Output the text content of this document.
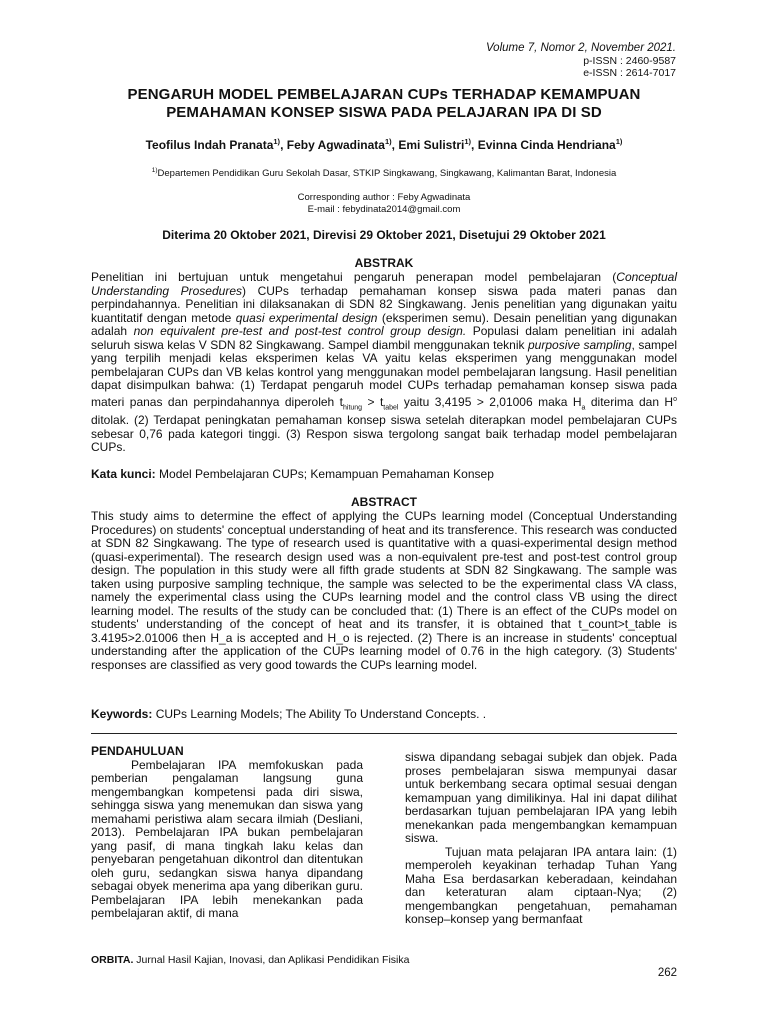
Volume 7, Nomor 2, November 2021.
p-ISSN : 2460-9587
e-ISSN : 2614-7017
PENGARUH MODEL PEMBELAJARAN CUPs TERHADAP KEMAMPUAN
PEMAHAMAN KONSEP SISWA PADA PELAJARAN IPA DI SD
Teofilus Indah Pranata$^{1)}$, Feby Agwadinata$^{1)}$, Emi Sulistri$^{1)}$, Evinna Cinda Hendriana$^{1)}$
$^{1)}$Departemen Pendidikan Guru Sekolah Dasar, STKIP Singkawang, Singkawang, Kalimantan Barat, Indonesia
Corresponding author : Feby Agwadinata
E-mail : febydinata2014@gmail.com
Diterima 20 Oktober 2021, Direvisi 29 Oktober 2021, Disetujui 29 Oktober 2021
ABSTRAK
Penelitian ini bertujuan untuk mengetahui pengaruh penerapan model pembelajaran (Conceptual Understanding Prosedures) CUPs terhadap pemahaman konsep siswa pada materi panas dan perpindahannya. Penelitian ini dilaksanakan di SDN 82 Singkawang. Jenis penelitian yang digunakan yaitu kuantitatif dengan metode quasi experimental design (eksperimen semu). Desain penelitian yang digunakan adalah non equivalent pre-test and post-test control group design. Populasi dalam penelitian ini adalah seluruh siswa kelas V SDN 82 Singkawang. Sampel diambil menggunakan teknik purposive sampling, sampel yang terpilih menjadi kelas eksperimen kelas VA yaitu kelas eksperimen yang menggunakan model pembelajaran CUPs dan VB kelas kontrol yang menggunakan model pembelajaran langsung. Hasil penelitian dapat disimpulkan bahwa: (1) Terdapat pengaruh model CUPs terhadap pemahaman konsep siswa pada materi panas dan perpindahannya diperoleh $t_{hitung} > t_{tabel}$ yaitu 3,4195 > 2,01006 maka $H_a$ diterima dan $H^o$ ditolak. (2) Terdapat peningkatan pemahaman konsep siswa setelah diterapkan model pembelajaran CUPs sebesar 0,76 pada kategori tinggi. (3) Respon siswa tergolong sangat baik terhadap model pembelajaran CUPs.
Kata kunci: Model Pembelajaran CUPs; Kemampuan Pemahaman Konsep
ABSTRACT
This study aims to determine the effect of applying the CUPs learning model (Conceptual Understanding Procedures) on students' conceptual understanding of heat and its transference. This research was conducted at SDN 82 Singkawang. The type of research used is quantitative with a quasi-experimental design method (quasi-experimental). The research design used was a non-equivalent pre-test and post-test control group design. The population in this study were all fifth grade students at SDN 82 Singkawang. The sample was taken using purposive sampling technique, the sample was selected to be the experimental class VA class, namely the experimental class using the CUPs learning model and the control class VB using the direct learning model. The results of the study can be concluded that: (1) There is an effect of the CUPs model on students' understanding of the concept of heat and its transfer, it is obtained that t_count>t_table is 3.4195>2.01006 then H_a is accepted and H_o is rejected. (2) There is an increase in students' conceptual understanding after the application of the CUPs learning model of 0.76 in the high category. (3) Students' responses are classified as very good towards the CUPs learning model.
Keywords: CUPs Learning Models; The Ability To Understand Concepts. .

PENDAHULUAN

Pembelajaran IPA memfokuskan pada pemberian pengalaman langsung guna mengembangkan kompetensi pada diri siswa, sehingga siswa yang menemukan dan siswa yang memahami peristiwa alam secara ilmiah (Desliani, 2013). Pembelajaran IPA bukan pembelajaran yang pasif, di mana tingkah laku kelas dan penyebaran pengetahuan dikontrol dan ditentukan oleh guru, sedangkan siswa hanya dipandang sebagai obyek menerima apa yang diberikan guru. Pembelajaran IPA lebih menekankan pada pembelajaran aktif, di mana

siswa dipandang sebagai subjek dan objek. Pada proses pembelajaran siswa mempunyai dasar untuk berkembang secara optimal sesuai dengan kemampuan yang dimilikinya. Hal ini dapat dilihat berdasarkan tujuan pembelajaran IPA yang lebih menekankan pada mengembangkan kemampuan siswa.

Tujuan mata pelajaran IPA antara lain: (1) memperoleh keyakinan terhadap Tuhan Yang Maha Esa berdasarkan keberadaan, keindahan dan keteraturan alam ciptaan-Nya; (2) mengembangkan pengetahuan, pemahaman konsep–konsep yang bermanfaat

ORBITA. Jurnal Hasil Kajian, Inovasi, dan Aplikasi Pendidikan Fisika
262
